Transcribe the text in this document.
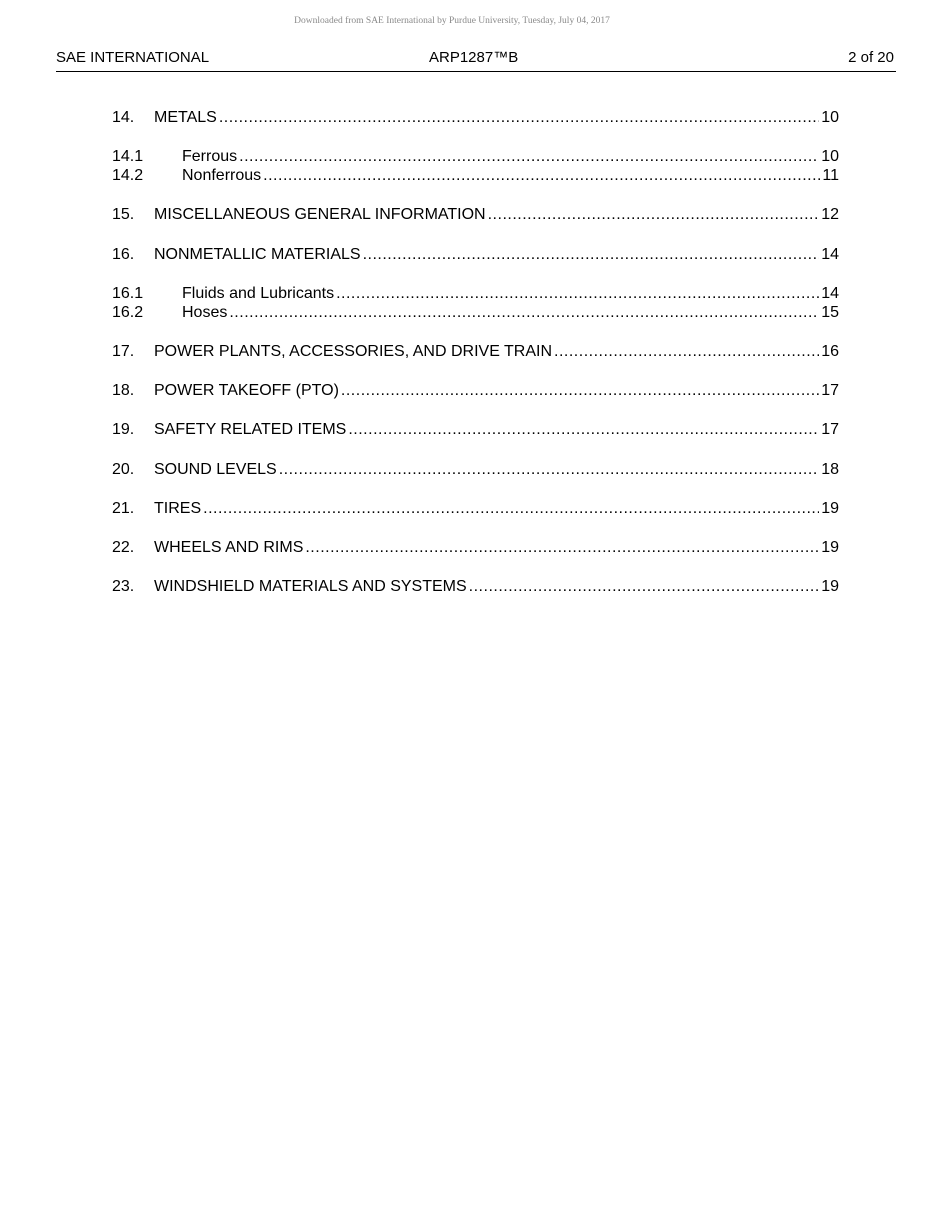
Downloaded from SAE International by Purdue University, Tuesday, July 04, 2017
SAE INTERNATIONAL	ARP1287™B	2 of 20
14. METALS .....	10
14.1 Ferrous .....	10
14.2 Nonferrous .....	11
15. MISCELLANEOUS GENERAL INFORMATION .....	12
16. NONMETALLIC MATERIALS .....	14
16.1 Fluids and Lubricants .....	14
16.2 Hoses .....	15
17. POWER PLANTS, ACCESSORIES, AND DRIVE TRAIN .....	16
18. POWER TAKEOFF (PTO) .....	17
19. SAFETY RELATED ITEMS .....	17
20. SOUND LEVELS .....	18
21. TIRES .....	19
22. WHEELS AND RIMS .....	19
23. WINDSHIELD MATERIALS AND SYSTEMS .....	19
